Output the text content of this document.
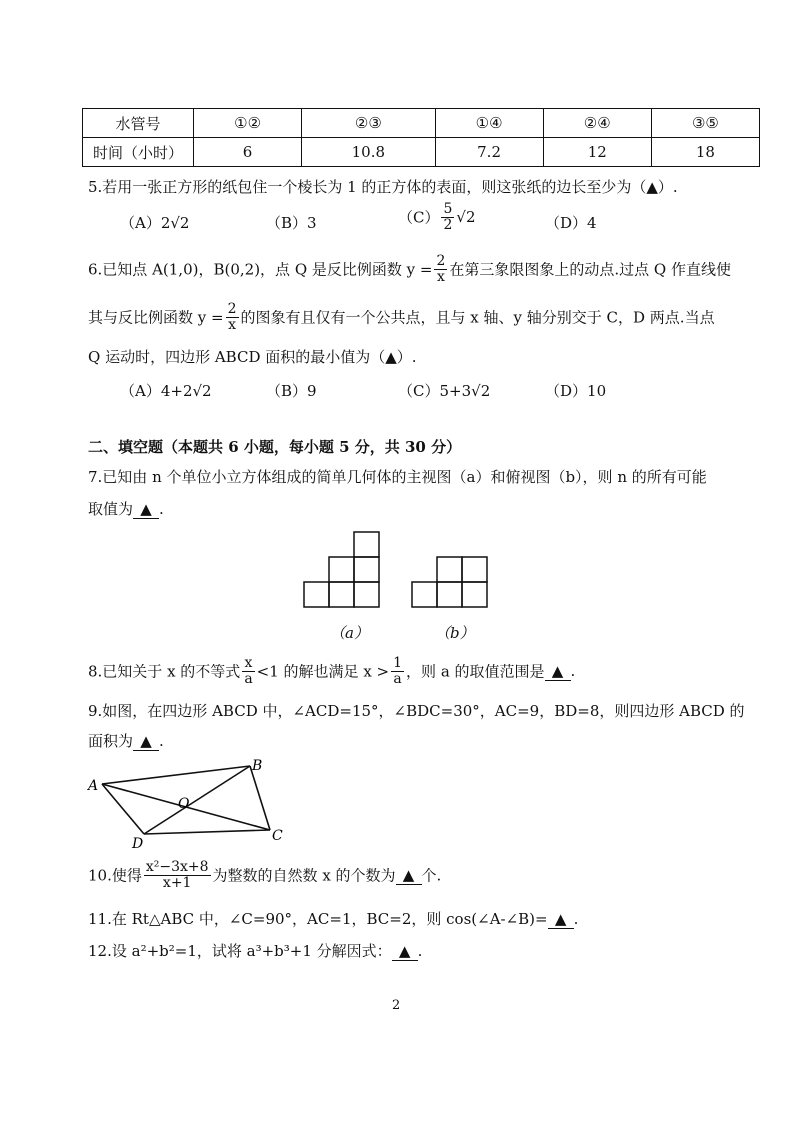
水管号	①②	②③	①④	②④	③⑤
时间（小时）	6	10.8	7.2	12	18
5.若用一张正方形的纸包住一个棱长为 1 的正方体的表面，则这张纸的边长至少为（▲）.
（A）2√2	（B）3	$(C) \frac{5}{2} √2$	（D）4
6.已知点 A(1,0)，B(0,2)，点 Q 是反比例函数 $y = \frac{2}{x}$ 在第三象限图象上的动点.过点 Q 作直线使
其与反比例函数 $y = \frac{2}{x}$ 的图象有且仅有一个公共点，且与 x 轴、y 轴分别交于 C，D 两点.当点
Q 运动时，四边形 ABCD 面积的最小值为（▲）.
（A）4+2√2	（B）9	（C）5+3√2	（D）10
二、填空题（本题共 6 小题，每小题 5 分，共 30 分）
7.已知由 n 个单位小立方体组成的简单几何体的主视图（a）和俯视图（b），则 n 的所有可能
取值为 ▲ .
（a）	（b）
8.已知关于 x 的不等式 $\frac{x}{a} <1$ 的解也满足 $x > \frac{1}{a}$ ，则 a 的取值范围是 ▲ .
9.如图，在四边形 ABCD 中，∠ACD=15°，∠BDC=30°，AC=9，BD=8，则四边形 ABCD 的
面积为 ▲ .
A
B
C
D
O
10.使得 $\frac{\text{x²−3x+8}}{x+1}$ 为整数的自然数 x 的个数为 ▲ 个.
11.在 Rt△ABC 中，∠C=90°，AC=1，BC=2，则 cos(∠A-∠B)= ▲ .
12.设 a²+b²=1，试将 a³+b³+1 分解因式： ▲ .
2
